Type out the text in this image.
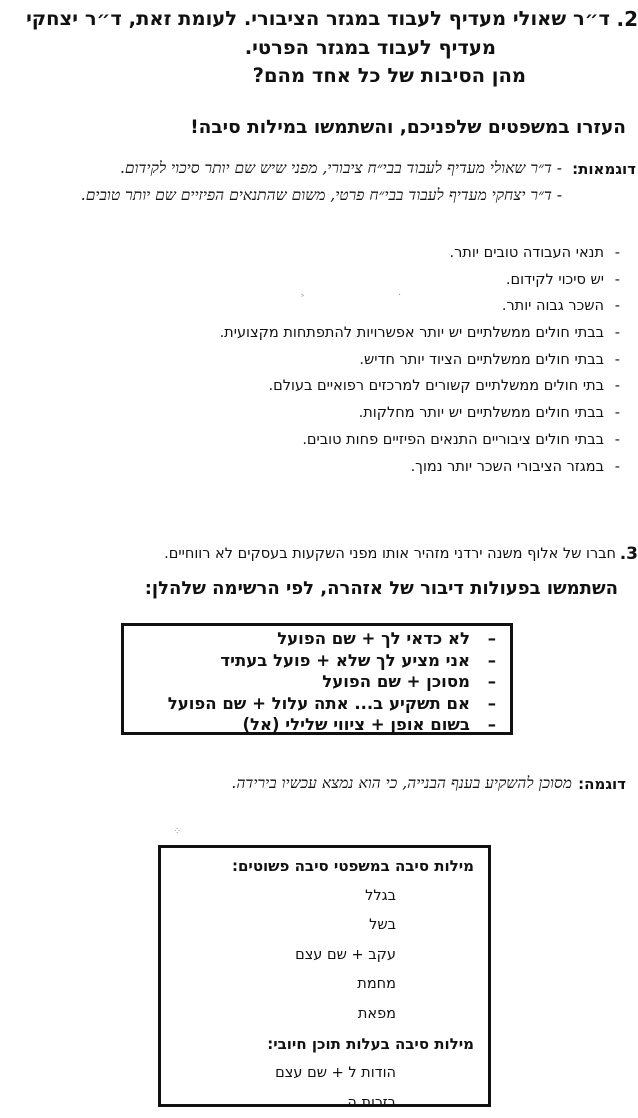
2.
ד״ר שאולי מעדיף לעבוד במגזר הציבורי. לעומת זאת, ד״ר יצחקי
מעדיף לעבוד במגזר הפרטי.
מהן הסיבות של כל אחד מהם?
העזרו במשפטים שלפניכם, והשתמשו במילות סיבה!
דוגמאות:
- ד״ר שאולי מעדיף לעבוד בבי״ח ציבורי, מפני שיש שם יותר סיכוי לקידום.
- ד״ר יצחקי מעדיף לעבוד בבי״ח פרטי, משום שהתנאים הפיזיים שם יותר טובים.
-תנאי העבודה טובים יותר.
-יש סיכוי לקידום.
-השכר גבוה יותר.
-בבתי חולים ממשלתיים יש יותר אפשרויות להתפתחות מקצועית.
-בבתי חולים ממשלתיים הציוד יותר חדיש.
-בתי חולים ממשלתיים קשורים למרכזים רפואיים בעולם.
-בבתי חולים ממשלתיים יש יותר מחלקות.
-בבתי חולים ציבוריים התנאים הפיזיים פחות טובים.
-במגזר הציבורי השכר יותר נמוך.
˃
.
⁘
3.
חברו של אלוף משנה ירדני מזהיר אותו מפני השקעות בעסקים לא רווחיים.
השתמשו בפעולות דיבור של אזהרה, לפי הרשימה שלהלן:
–לא כדאי לך + שם הפועל
–אני מציע לך שלא + פועל בעתיד
–מסוכן + שם הפועל
–אם תשקיע ב... אתה עלול + שם הפועל
–בשום אופן + ציווי שלילי (אל)
דוגמה:
מסוכן להשקיע בענף הבנייה, כי הוא נמצא עכשיו בירידה.
מילות סיבה במשפטי סיבה פשוטים:
בגלל
בשל
עקב + שם עצם
מחמת
מפאת
מילות סיבה בעלות תוכן חיובי:
הודות ל + שם עצם
בזכות ה
